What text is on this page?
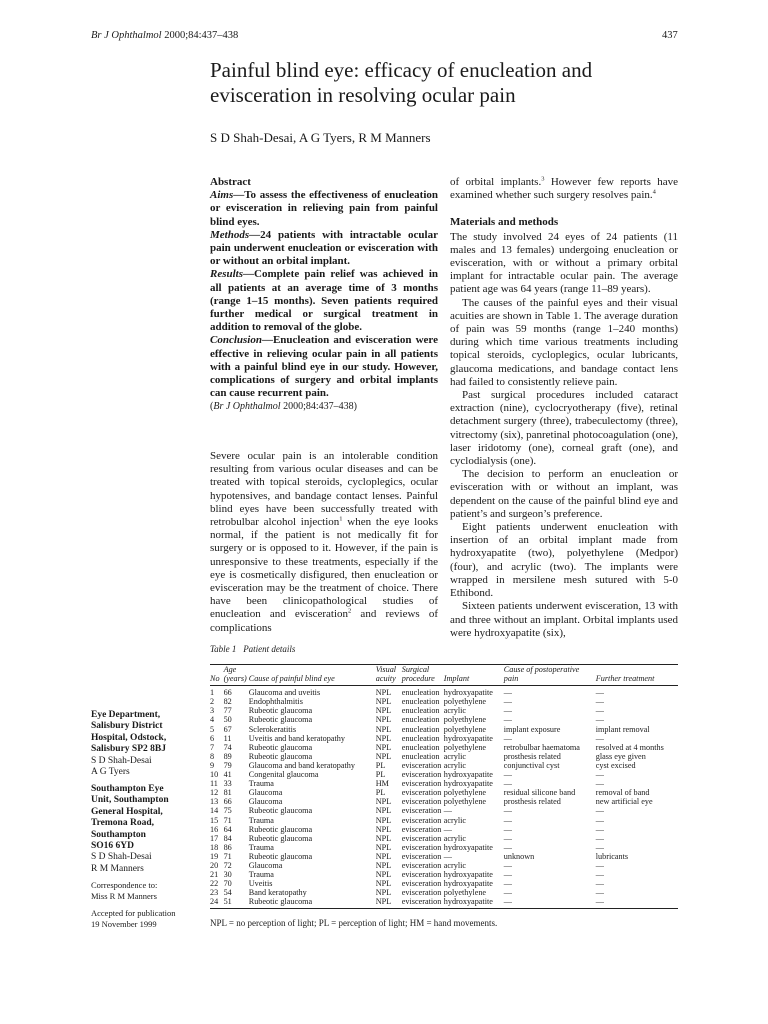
Br J Ophthalmol 2000;84:437–438	437
Painful blind eye: efficacy of enucleation and evisceration in resolving ocular pain
S D Shah-Desai, A G Tyers, R M Manners

Abstract

Aims—To assess the effectiveness of enucleation or evisceration in relieving pain from painful blind eyes.

Methods—24 patients with intractable ocular pain underwent enucleation or evisceration with or without an orbital implant.

Results—Complete pain relief was achieved in all patients at an average time of 3 months (range 1–15 months). Seven patients required further medical or surgical treatment in addition to removal of the globe.

Conclusion—Enucleation and evisceration were effective in relieving ocular pain in all patients with a painful blind eye in our study. However, complications of surgery and orbital implants can cause recurrent pain.

(Br J Ophthalmol 2000;84:437–438)

Severe ocular pain is an intolerable condition resulting from various ocular diseases and can be treated with topical steroids, cycloplegics, ocular hypotensives, and bandage contact lenses. Painful blind eyes have been successfully treated with retrobulbar alcohol injection$^1$ when the eye looks normal, if the patient is not medically fit for surgery or is opposed to it. However, if the pain is unresponsive to these treatments, especially if the eye is cosmetically disfigured, then enucleation or evisceration may be the treatment of choice. There have been clinicopathological studies of enucleation and evisceration$^2$ and reviews of complications

of orbital implants.$^3$ However few reports have examined whether such surgery resolves pain.$^4$

Materials and methods

The study involved 24 eyes of 24 patients (11 males and 13 females) undergoing enucleation or evisceration, with or without a primary orbital implant for intractable ocular pain. The average patient age was 64 years (range 11–89 years).

The causes of the painful eyes and their visual acuities are shown in Table 1. The average duration of pain was 59 months (range 1–240 months) during which time various treatments including topical steroids, cycloplegics, ocular lubricants, glaucoma medications, and bandage contact lens had failed to consistently relieve pain.

Past surgical procedures included cataract extraction (nine), cyclocryotherapy (five), retinal detachment surgery (three), trabeculectomy (three), vitrectomy (six), panretinal photocoagulation (one), laser iridotomy (one), corneal graft (one), and cyclodialysis (one).

The decision to perform an enucleation or evisceration with or without an implant, was dependent on the cause of the painful blind eye and patient’s and surgeon’s preference.

Eight patients underwent enucleation with insertion of an orbital implant made from hydroxyapatite (two), polyethylene (Medpor) (four), and acrylic (two). The implants were wrapped in mersilene mesh sutured with 5-0 Ethibond.

Sixteen patients underwent evisceration, 13 with and three without an implant. Orbital implants used were hydroxyapatite (six),

Table 1 Patient details
No	Age (years)	Cause of painful blind eye	Visual acuity	Surgical procedure	Implant	Cause of postoperative pain	Further treatment
1	66	Glaucoma and uveitis	NPL	enucleation	hydroxyapatite	—	—
2	82	Endophthalmitis	NPL	enucleation	polyethylene	—	—
3	77	Rubeotic glaucoma	NPL	enucleation	acrylic	—	—
4	50	Rubeotic glaucoma	NPL	enucleation	polyethylene	—	—
5	67	Sclerokeratitis	NPL	enucleation	polyethylene	implant exposure	implant removal
6	11	Uveitis and band keratopathy	NPL	enucleation	hydroxyapatite	—	—
7	74	Rubeotic glaucoma	NPL	enucleation	polyethylene	retrobulbar haematoma	resolved at 4 months
8	89	Rubeotic glaucoma	NPL	enucleation	acrylic	prosthesis related	glass eye given
9	79	Glaucoma and band keratopathy	PL	evisceration	acrylic	conjunctival cyst	cyst excised
10	41	Congenital glaucoma	PL	evisceration	hydroxyapatite	—	—
11	33	Trauma	HM	evisceration	hydroxyapatite	—	—
12	81	Glaucoma	PL	evisceration	polyethylene	residual silicone band	removal of band
13	66	Glaucoma	NPL	evisceration	polyethylene	prosthesis related	new artificial eye
14	75	Rubeotic glaucoma	NPL	evisceration	—	—	—
15	71	Trauma	NPL	evisceration	acrylic	—	—
16	64	Rubeotic glaucoma	NPL	evisceration	—	—	—
17	84	Rubeotic glaucoma	NPL	evisceration	acrylic	—	—
18	86	Trauma	NPL	evisceration	hydroxyapatite	—	—
19	71	Rubeotic glaucoma	NPL	evisceration	—	unknown	lubricants
20	72	Glaucoma	NPL	evisceration	acrylic	—	—
21	30	Trauma	NPL	evisceration	hydroxyapatite	—	—
22	70	Uveitis	NPL	evisceration	hydroxyapatite	—	—
23	54	Band keratopathy	NPL	evisceration	polyethylene	—	—
24	51	Rubeotic glaucoma	NPL	evisceration	hydroxyapatite	—	—
NPL = no perception of light; PL = perception of light; HM = hand movements.
Eye Department,
Salisbury District
Hospital, Odstock,
Salisbury SP2 8BJ
S D Shah-Desai
A G Tyers
Southampton Eye
Unit, Southampton
General Hospital,
Tremona Road,
Southampton
SO16 6YD
S D Shah-Desai
R M Manners
Correspondence to:
Miss R M Manners
Accepted for publication
19 November 1999
